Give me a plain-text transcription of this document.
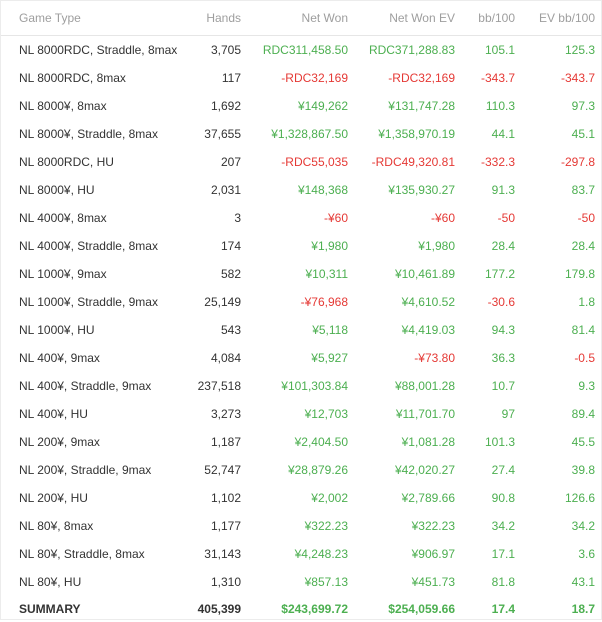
Game Type	Hands	Net Won	Net Won EV	bb/100	EV bb/100
NL 8000RDC, Straddle, 8max	3,705	RDC311,458.50	RDC371,288.83	105.1	125.3
NL 8000RDC, 8max	117	-RDC32,169	-RDC32,169	-343.7	-343.7
NL 8000¥, 8max	1,692	¥149,262	¥131,747.28	110.3	97.3
NL 8000¥, Straddle, 8max	37,655	¥1,328,867.50	¥1,358,970.19	44.1	45.1
NL 8000RDC, HU	207	-RDC55,035	-RDC49,320.81	-332.3	-297.8
NL 8000¥, HU	2,031	¥148,368	¥135,930.27	91.3	83.7
NL 4000¥, 8max	3	-¥60	-¥60	-50	-50
NL 4000¥, Straddle, 8max	174	¥1,980	¥1,980	28.4	28.4
NL 1000¥, 9max	582	¥10,311	¥10,461.89	177.2	179.8
NL 1000¥, Straddle, 9max	25,149	-¥76,968	¥4,610.52	-30.6	1.8
NL 1000¥, HU	543	¥5,118	¥4,419.03	94.3	81.4
NL 400¥, 9max	4,084	¥5,927	-¥73.80	36.3	-0.5
NL 400¥, Straddle, 9max	237,518	¥101,303.84	¥88,001.28	10.7	9.3
NL 400¥, HU	3,273	¥12,703	¥11,701.70	97	89.4
NL 200¥, 9max	1,187	¥2,404.50	¥1,081.28	101.3	45.5
NL 200¥, Straddle, 9max	52,747	¥28,879.26	¥42,020.27	27.4	39.8
NL 200¥, HU	1,102	¥2,002	¥2,789.66	90.8	126.6
NL 80¥, 8max	1,177	¥322.23	¥322.23	34.2	34.2
NL 80¥, Straddle, 8max	31,143	¥4,248.23	¥906.97	17.1	3.6
NL 80¥, HU	1,310	¥857.13	¥451.73	81.8	43.1
SUMMARY	405,399	$243,699.72	$254,059.66	17.4	18.7
